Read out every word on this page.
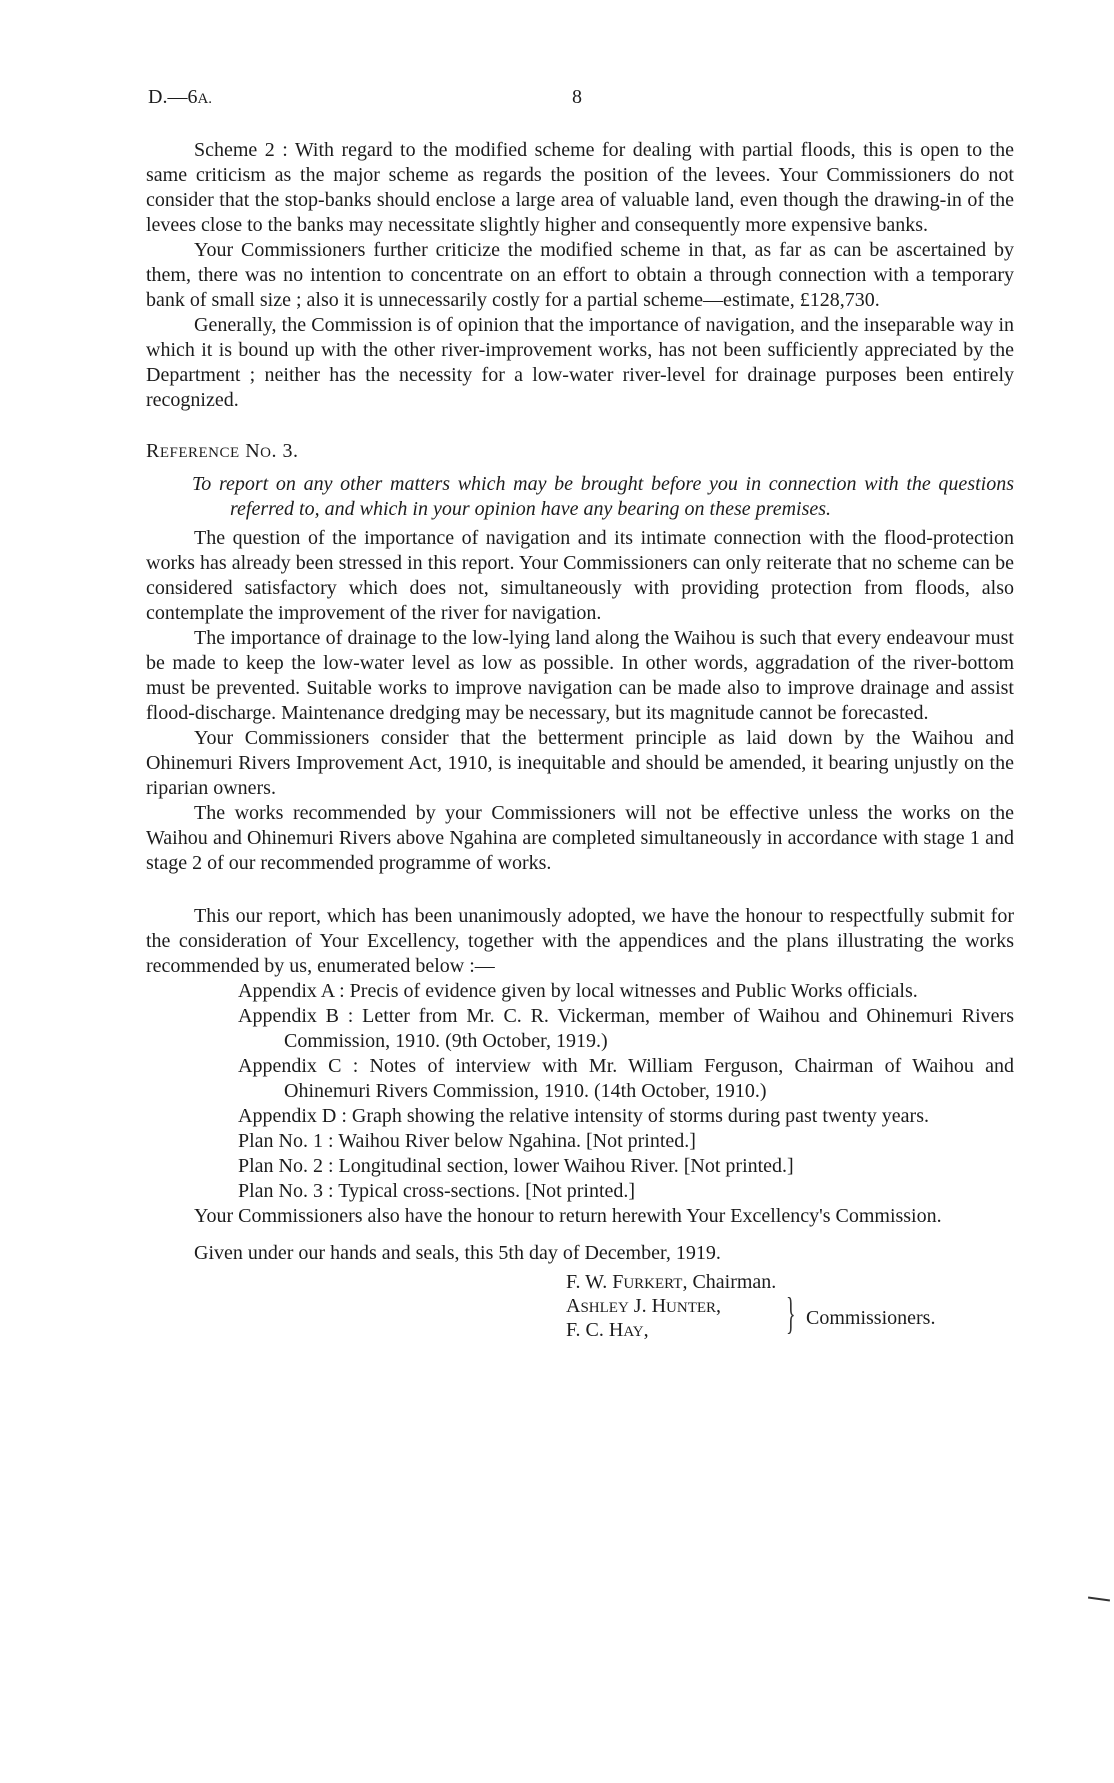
D.—6A.	8

Scheme 2 : With regard to the modified scheme for dealing with partial floods, this is open to the same criticism as the major scheme as regards the position of the levees. Your Commissioners do not consider that the stop-banks should enclose a large area of valuable land, even though the drawing-in of the levees close to the banks may necessitate slightly higher and consequently more expensive banks.

Your Commissioners further criticize the modified scheme in that, as far as can be ascertained by them, there was no intention to concentrate on an effort to obtain a through connection with a temporary bank of small size ; also it is unnecessarily costly for a partial scheme—estimate, £128,730.

Generally, the Commission is of opinion that the importance of navigation, and the inseparable way in which it is bound up with the other river-improvement works, has not been sufficiently appreciated by the Department ; neither has the necessity for a low-water river-level for drainage purposes been entirely recognized.

REFERENCE NO. 3.

To report on any other matters which may be brought before you in connection with the questions referred to, and which in your opinion have any bearing on these premises.

The question of the importance of navigation and its intimate connection with the flood-protection works has already been stressed in this report. Your Commissioners can only reiterate that no scheme can be considered satisfactory which does not, simultaneously with providing protection from floods, also contemplate the improvement of the river for navigation.

The importance of drainage to the low-lying land along the Waihou is such that every endeavour must be made to keep the low-water level as low as possible. In other words, aggradation of the river-bottom must be prevented. Suitable works to improve navigation can be made also to improve drainage and assist flood-discharge. Maintenance dredging may be necessary, but its magnitude cannot be forecasted.

Your Commissioners consider that the betterment principle as laid down by the Waihou and Ohinemuri Rivers Improvement Act, 1910, is inequitable and should be amended, it bearing unjustly on the riparian owners.

The works recommended by your Commissioners will not be effective unless the works on the Waihou and Ohinemuri Rivers above Ngahina are completed simultaneously in accordance with stage 1 and stage 2 of our recommended programme of works.

This our report, which has been unanimously adopted, we have the honour to respectfully submit for the consideration of Your Excellency, together with the appendices and the plans illustrating the works recommended by us, enumerated below :—

Appendix A : Precis of evidence given by local witnesses and Public Works officials.
Appendix B : Letter from Mr. C. R. Vickerman, member of Waihou and Ohinemuri Rivers Commission, 1910. (9th October, 1919.)
Appendix C : Notes of interview with Mr. William Ferguson, Chairman of Waihou and Ohinemuri Rivers Commission, 1910. (14th October, 1910.)
Appendix D : Graph showing the relative intensity of storms during past twenty years.
Plan No. 1 : Waihou River below Ngahina. [Not printed.]
Plan No. 2 : Longitudinal section, lower Waihou River. [Not printed.]
Plan No. 3 : Typical cross-sections. [Not printed.]

Your Commissioners also have the honour to return herewith Your Excellency's Commission.

Given under our hands and seals, this 5th day of December, 1919.

F. W. FURKERT, Chairman.
ASHLEY J. HUNTER,
F. C. HAY,	} Commissioners.
